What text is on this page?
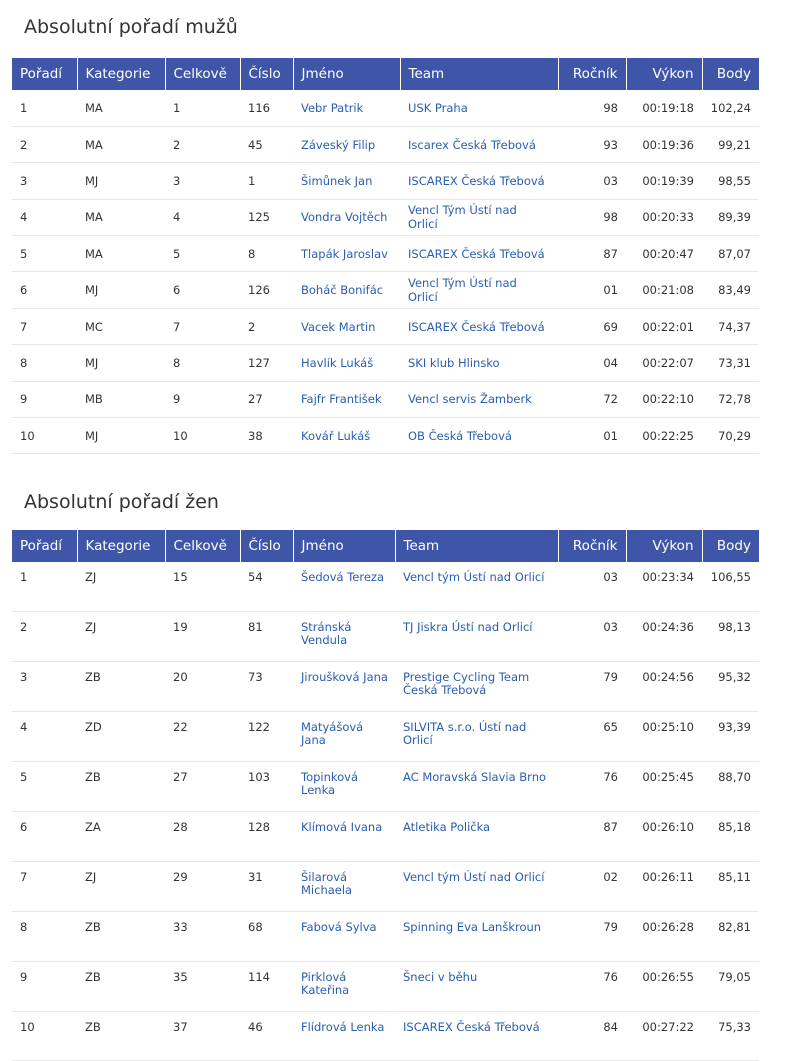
Absolutní pořadí mužů
Pořadí	Kategorie	Celkově	Číslo	Jméno	Team	Ročník	Výkon	Body
1	MA	1	116	Vebr Patrik	USK Praha	98	00:19:18	102,24
2	MA	2	45	Záveský Filip	Iscarex Česká Třebová	93	00:19:36	99,21
3	MJ	3	1	Šimůnek Jan	ISCAREX Česká Třebová	03	00:19:39	98,55
4	MA	4	125	Vondra Vojtěch	Vencl Tým Ústí nad Orlicí	98	00:20:33	89,39
5	MA	5	8	Tlapák Jaroslav	ISCAREX Česká Třebová	87	00:20:47	87,07
6	MJ	6	126	Boháč Bonifác	Vencl Tým Ústí nad Orlicí	01	00:21:08	83,49
7	MC	7	2	Vacek Martin	ISCAREX Česká Třebová	69	00:22:01	74,37
8	MJ	8	127	Havlík Lukáš	SKI klub Hlinsko	04	00:22:07	73,31
9	MB	9	27	Fajfr František	Vencl servis Žamberk	72	00:22:10	72,78
10	MJ	10	38	Kovář Lukáš	OB Česká Třebová	01	00:22:25	70,29
Absolutní pořadí žen
Pořadí	Kategorie	Celkově	Číslo	Jméno	Team	Ročník	Výkon	Body
1	ZJ	15	54	Šedová Tereza	Vencl tým Ústí nad Orlicí	03	00:23:34	106,55
2	ZJ	19	81	Stránská Vendula	TJ Jiskra Ústí nad Orlicí	03	00:24:36	98,13
3	ZB	20	73	Jiroušková Jana	Prestige Cycling Team Česká Třebová	79	00:24:56	95,32
4	ZD	22	122	Matyášová Jana	SILVITA s.r.o. Ústí nad Orlicí	65	00:25:10	93,39
5	ZB	27	103	Topinková Lenka	AC Moravská Slavia Brno	76	00:25:45	88,70
6	ZA	28	128	Klímová Ivana	Atletika Polička	87	00:26:10	85,18
7	ZJ	29	31	Šilarová Michaela	Vencl tým Ústí nad Orlicí	02	00:26:11	85,11
8	ZB	33	68	Fabová Sylva	Spinning Eva Lanškroun	79	00:26:28	82,81
9	ZB	35	114	Pirklová Kateřina	Šneci v běhu	76	00:26:55	79,05
10	ZB	37	46	Flídrová Lenka	ISCAREX Česká Třebová	84	00:27:22	75,33
